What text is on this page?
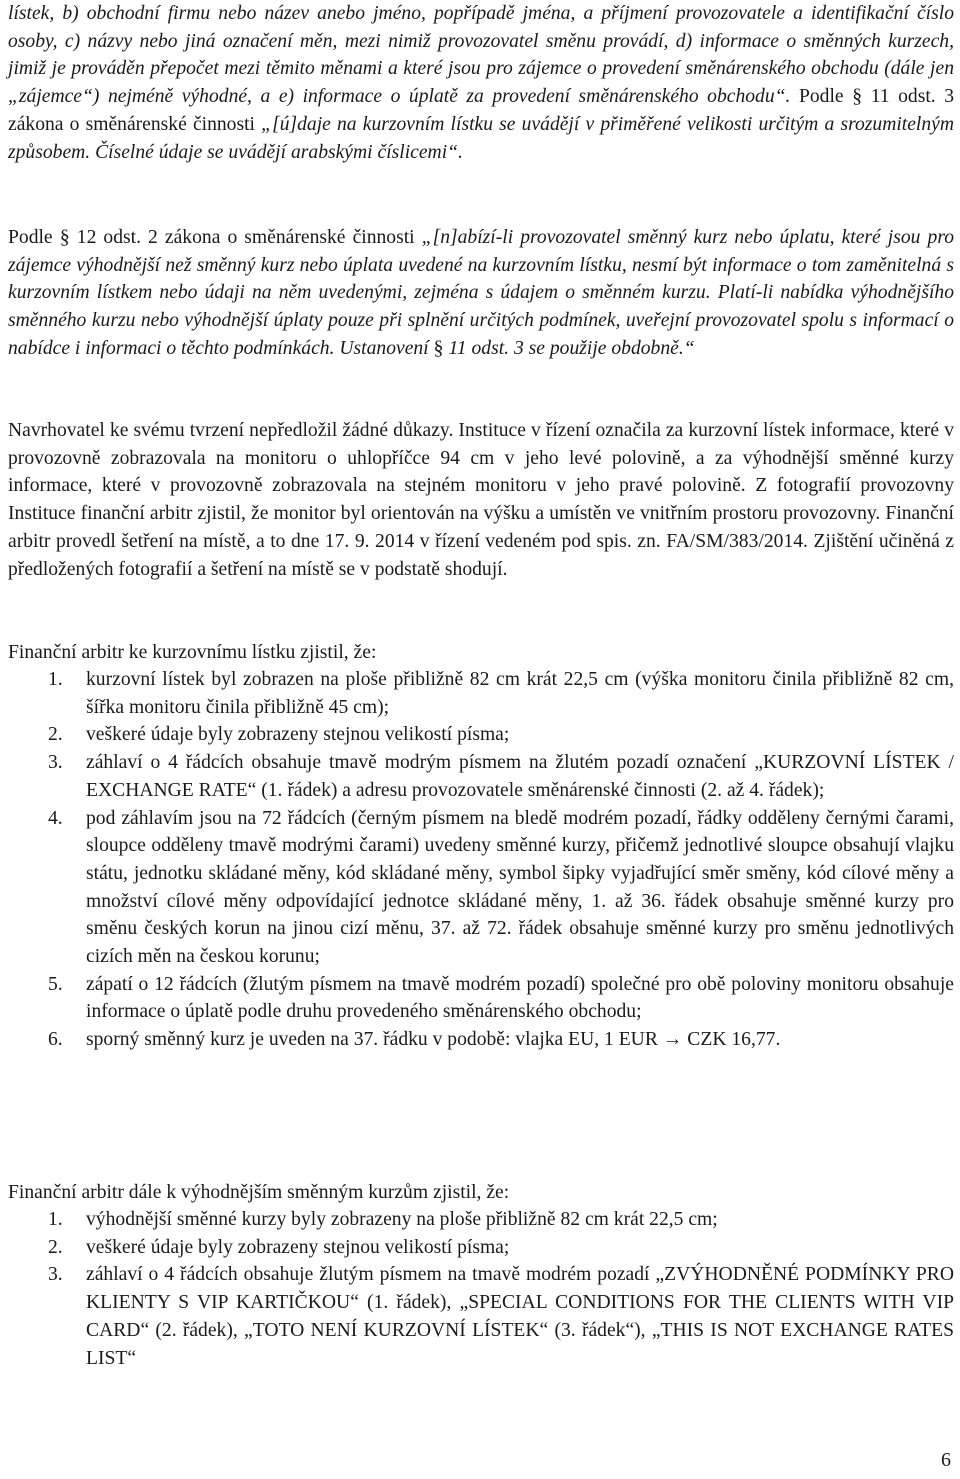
lístek, b) obchodní firmu nebo název anebo jméno, popřípadě jména, a příjmení provozovatele a identifikační číslo osoby, c) názvy nebo jiná označení měn, mezi nimiž provozovatel směnu provádí, d) informace o směnných kurzech, jimiž je prováděn přepočet mezi těmito měnami a které jsou pro zájemce o provedení směnárenského obchodu (dále jen „zájemce“) nejméně výhodné, a e) informace o úplatě za provedení směnárenského obchodu“. Podle § 11 odst. 3 zákona o směnárenské činnosti „[ú]daje na kurzovním lístku se uvádějí v přiměřené velikosti určitým a srozumitelným způsobem. Číselné údaje se uvádějí arabskými číslicemi“.

Podle § 12 odst. 2 zákona o směnárenské činnosti „[n]abízí-li provozovatel směnný kurz nebo úplatu, které jsou pro zájemce výhodnější než směnný kurz nebo úplata uvedené na kurzovním lístku, nesmí být informace o tom zaměnitelná s kurzovním lístkem nebo údaji na něm uvedenými, zejména s údajem o směnném kurzu. Platí-li nabídka výhodnějšího směnného kurzu nebo výhodnější úplaty pouze při splnění určitých podmínek, uveřejní provozovatel spolu s informací o nabídce i informaci o těchto podmínkách. Ustanovení § 11 odst. 3 se použije obdobně.“

Navrhovatel ke svému tvrzení nepředložil žádné důkazy. Instituce v řízení označila za kurzovní lístek informace, které v provozovně zobrazovala na monitoru o uhlopříčce 94 cm v jeho levé polovině, a za výhodnější směnné kurzy informace, které v provozovně zobrazovala na stejném monitoru v jeho pravé polovině. Z fotografií provozovny Instituce finanční arbitr zjistil, že monitor byl orientován na výšku a umístěn ve vnitřním prostoru provozovny. Finanční arbitr provedl šetření na místě, a to dne 17. 9. 2014 v řízení vedeném pod spis. zn. FA/SM/383/2014. Zjištění učiněná z předložených fotografií a šetření na místě se v podstatě shodují.

Finanční arbitr ke kurzovnímu lístku zjistil, že:

1. kurzovní lístek byl zobrazen na ploše přibližně 82 cm krát 22,5 cm (výška monitoru činila přibližně 82 cm, šířka monitoru činila přibližně 45 cm);
2. veškeré údaje byly zobrazeny stejnou velikostí písma;
3. záhlaví o 4 řádcích obsahuje tmavě modrým písmem na žlutém pozadí označení „KURZOVNÍ LÍSTEK / EXCHANGE RATE“ (1. řádek) a adresu provozovatele směnárenské činnosti (2. až 4. řádek);
4. pod záhlavím jsou na 72 řádcích (černým písmem na bledě modrém pozadí, řádky odděleny černými čarami, sloupce odděleny tmavě modrými čarami) uvedeny směnné kurzy, přičemž jednotlivé sloupce obsahují vlajku státu, jednotku skládané měny, kód skládané měny, symbol šipky vyjadřující směr směny, kód cílové měny a množství cílové měny odpovídající jednotce skládané měny, 1. až 36. řádek obsahuje směnné kurzy pro směnu českých korun na jinou cizí měnu, 37. až 72. řádek obsahuje směnné kurzy pro směnu jednotlivých cizích měn na českou korunu;
5. zápatí o 12 řádcích (žlutým písmem na tmavě modrém pozadí) společné pro obě poloviny monitoru obsahuje informace o úplatě podle druhu provedeného směnárenského obchodu;
6. sporný směnný kurz je uveden na 37. řádku v podobě: vlajka EU, 1 EUR → CZK 16,77.

Finanční arbitr dále k výhodnějším směnným kurzům zjistil, že:

1. výhodnější směnné kurzy byly zobrazeny na ploše přibližně 82 cm krát 22,5 cm;
2. veškeré údaje byly zobrazeny stejnou velikostí písma;
3. záhlaví o 4 řádcích obsahuje žlutým písmem na tmavě modrém pozadí „ZVÝHODNĚNÉ PODMÍNKY PRO KLIENTY S VIP KARTIČKOU“ (1. řádek), „SPECIAL CONDITIONS FOR THE CLIENTS WITH VIP CARD“ (2. řádek), „TOTO NENÍ KURZOVNÍ LÍSTEK“ (3. řádek“), „THIS IS NOT EXCHANGE RATES LIST“
6
